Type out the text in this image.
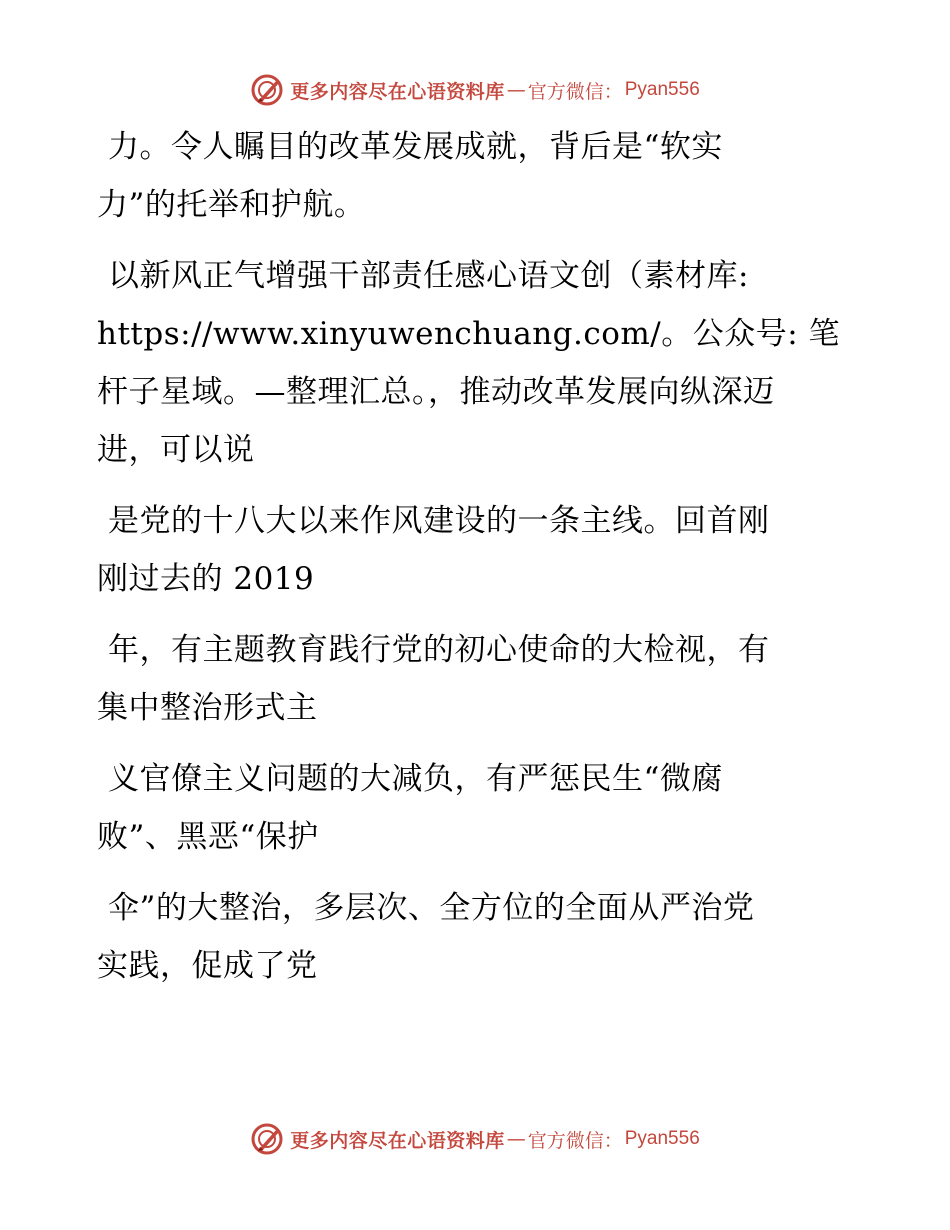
更多内容尽在心语资料库 — 官方微信： Pyan556
力。令人瞩目的改革发展成就，背后是“软实
力”的托举和护航。
以新风正气增强干部责任感心语文创（素材库:
https://www.xinyuwenchuang.com/。公众号: 笔
杆子星域。—整理汇总。，推动改革发展向纵深迈
进，可以说
是党的十八大以来作风建设的一条主线。回首刚
刚过去的 2019
年，有主题教育践行党的初心使命的大检视，有
集中整治形式主
义官僚主义问题的大减负，有严惩民生“微腐
败”、黑恶“保护
伞”的大整治，多层次、全方位的全面从严治党
实践，促成了党
更多内容尽在心语资料库 — 官方微信： Pyan556
